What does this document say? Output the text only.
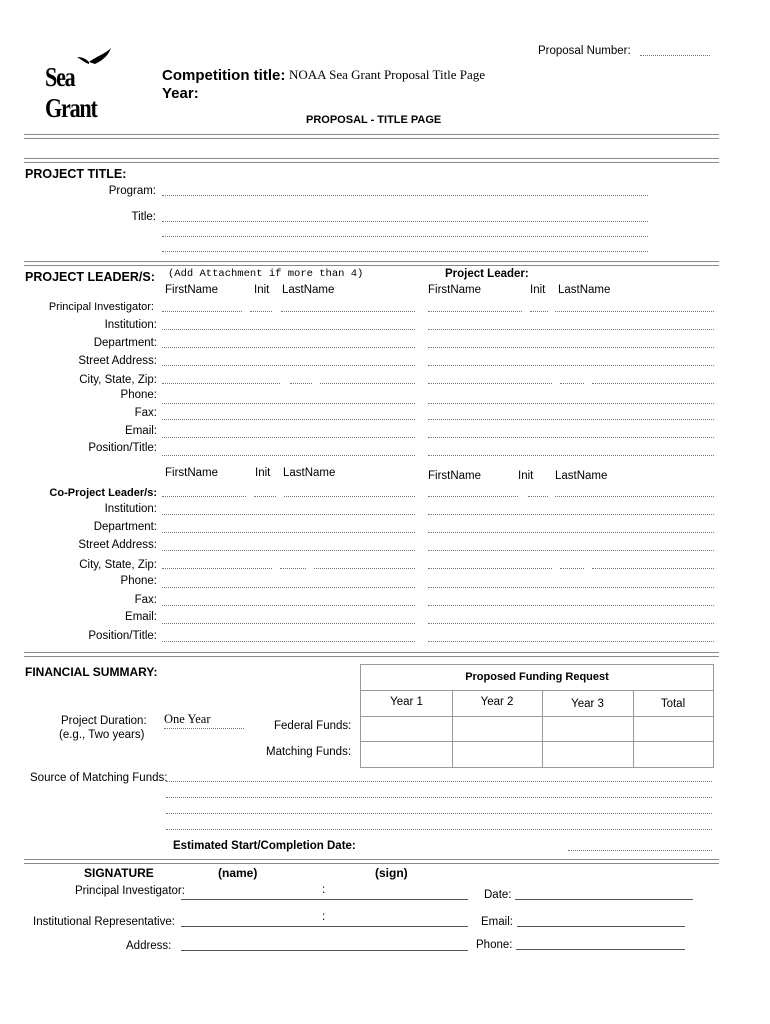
Proposal Number:
Sea Grant
Competition title: NOAA Sea Grant Proposal Title Page
Year:
PROPOSAL - TITLE PAGE
PROJECT TITLE:
Program:
Title:
PROJECT LEADER/S: (Add Attachment if more than 4)	Project Leader:
FirstName	Init LastName	FirstName	Init LastName
Principal Investigator:
Institution:
Department:
Street Address:
City, State, Zip:
Phone:
Fax:
Email:
Position/Title:
FirstName	Init LastName	FirstName	Init LastName
Co-Project Leader/s:
Institution:
Department:
Street Address:
City, State, Zip:
Phone:
Fax:
Email:
Position/Title:
FINANCIAL SUMMARY:	Proposed Funding Request
Year 1	Year 2	Year 3	Total
Project Duration:
(e.g., Two years)
One Year	Federal Funds:
Matching Funds:
Source of Matching Funds:
Estimated Start/Completion Date:
SIGNATURE	(name)	(sign)
Principal Investigator:	:	Date:
Institutional Representative:	:	Email:
Address:	Phone:
